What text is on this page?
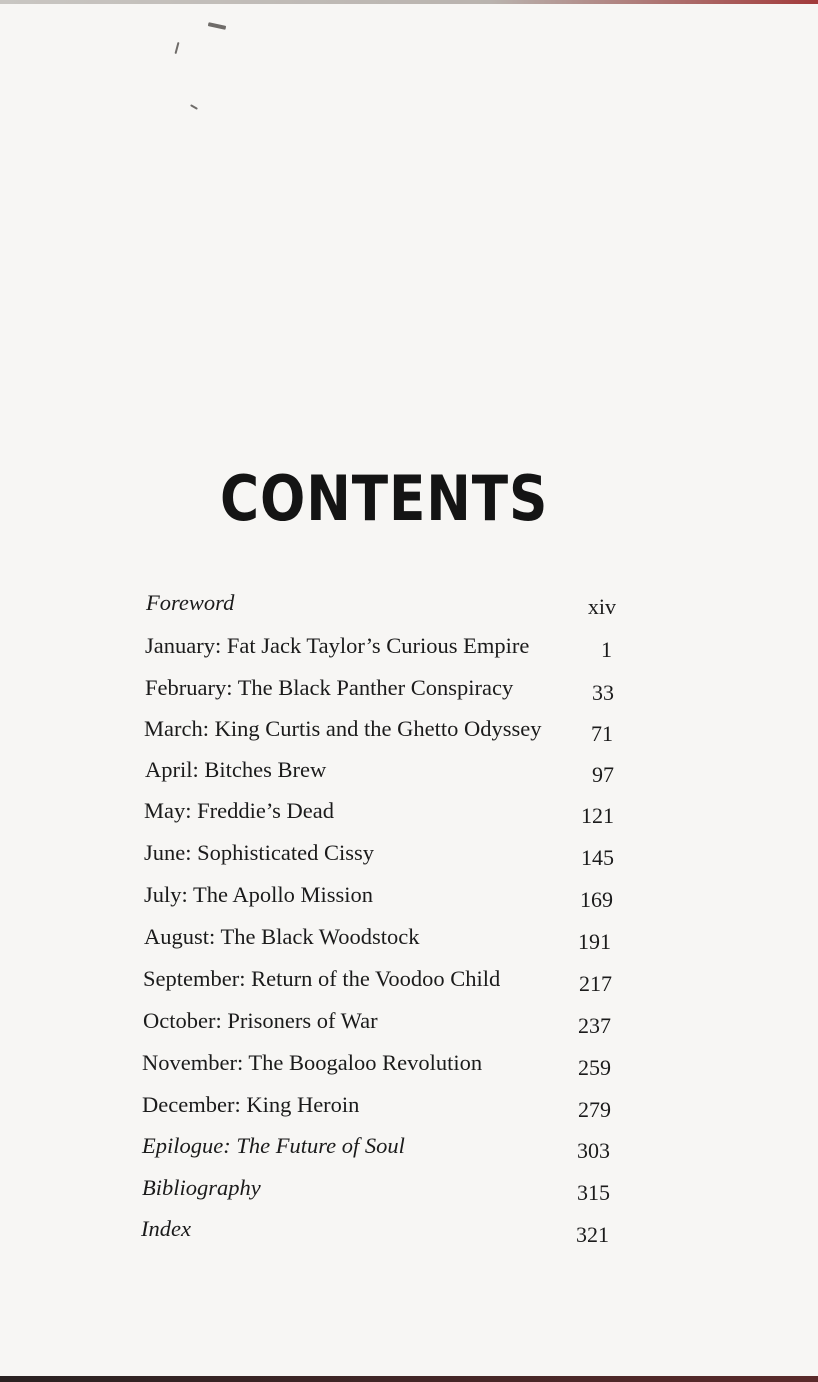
CONTENTS
Foreword	xiv
January: Fat Jack Taylor’s Curious Empire	1
February: The Black Panther Conspiracy	33
March: King Curtis and the Ghetto Odyssey 71
April: Bitches Brew	97
May: Freddie’s Dead	121
June: Sophisticated Cissy	145
July: The Apollo Mission	169
August: The Black Woodstock	191
September: Return of the Voodoo Child	217
October: Prisoners of War	237
November: The Boogaloo Revolution	259
December: King Heroin	279
Epilogue: The Future of Soul	303
Bibliography	315
Index	321
